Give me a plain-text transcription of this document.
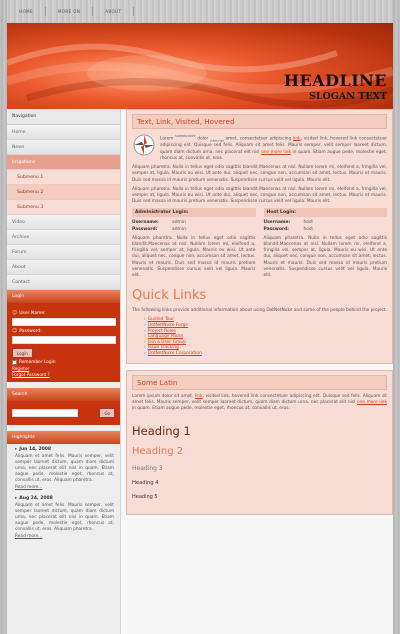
HOME	MORE ON	ABOUT
HEADLINE
SLOGAN TEXT
Navigation
Home
News
Irrigations
Submenu 1
Submenu 2
Submenu 3
Video
Archive
Forum
About
Contact
Login
☺ User Name:
☺ Password:
Login
Remember Login
Register
Forgot Password ?
Search
Go
Highlights
▸ Jun 14, 2008

Aliquam et amet felis. Mauris semper, velit semper laoreet dictum, quam diam dictum urna, nec placerat elit nisl in quam. Etiam augue pede, molestie eget, rhoncus at, convallis ut, eros. Aliquam pharetra.

Read more...
▸ Aug 24, 2008

Aliquam et amet felis. Mauris semper, velit semper laoreet dictum, quam diam dictum urna, nec placerat elit nisl in quam. Etiam augue pede, molestie eget, rhoncus at, convallis ut, eros. Aliquam pharetra.

Read more...
Text, Link, Visited, Hovered

Lorem $^{SUPERSCRIPT}$ dolor $_{subscript}$ amet, consectetuer adipiscing link, visited link, hovered link consectetuer adipiscing elit. Quisque sed felis. Aliquam sit amet felis. Mauris semper, velit semper laoreet dictum, quam diam dictum urna, nec placerat elit nisl one more link in quam. Etiam augue pede, molestie eget, rhoncus at, convallis ut, eros.

Aliquam pharetra. Nulla in tellus eget odio sagittis blandit.Maecenas at nisl. Nullam lorem mi, eleifend a, fringilla vel, semper at, ligula. Mauris eu wisi. Ut ante dui, aliquet nec, congue non, accumsan sit amet, lectus. Mauris et mauris. Duis sed massa id mauris pretium venenatis. Suspendisse cursus velit vel ligula. Mauris elit.

Aliquam pharetra. Nulla in tellus eget odio sagittis blandit.Maecenas at nisl. Nullam lorem mi, eleifend a, fringilla vel, semper at, ligula. Mauris eu wisi. Ut ante dui, aliquet nec, congue non, accumsan sit amet, lectus. Mauris et mauris. Duis sed massa id mauris pretium venenatis. Suspendisse cursus velit vel ligula. Mauris elit.

Administrator Login:
Username:	admin
Password:	admin

Aliquam pharetra. Nulla in tellus eget odio sagittis blandit.Maecenas at nisl. Nullam lorem mi, eleifend a, fringilla vel, semper at, ligula. Mauris eu wisi. Ut ante dui, aliquet nec, congue non, accumsan sit amet, lectus. Mauris et mauris. Duis sed massa id mauris pretium venenatis. Suspendisse cursus velit vel ligula. Mauris elit.

Host Login:
Username:	host
Password:	host

Aliquam pharetra. Nulla in tellus eget odio sagittis blandit.Maecenas at nisl. Nullam lorem mi, eleifend a, fringilla vel, semper at, ligula. Mauris eu wisi. Ut ante dui, aliquet nec, congue non, accumsan sit amet, lectus. Mauris et mauris. Duis sed massa id mauris pretium venenatis. Suspendisse cursus velit vel ligula. Mauris elit.

Quick Links

The following links provide additional information about using DotNetNuke and some of the people behind the project.

› Guided Tour
› DotNetNuke Forge
› Project Roles
› Language Packs
› Join a User Group
› Issue Tracking
› DotNetNuke Corporation
Some Latin

Lorem ipsum dolor sit amet, link, visited link, hovered link consectetuer adipiscing elit. Quisque sed felis. Aliquam sit amet felis. Mauris semper, velit semper laoreet dictum, quam diam dictum urna, nec placerat elit nisl one more link in quam. Etiam augue pede, molestie eget, rhoncus at, convallis ut, eros.

Heading 1
Heading 2
Heading 3
Heading 4
Heading 5
